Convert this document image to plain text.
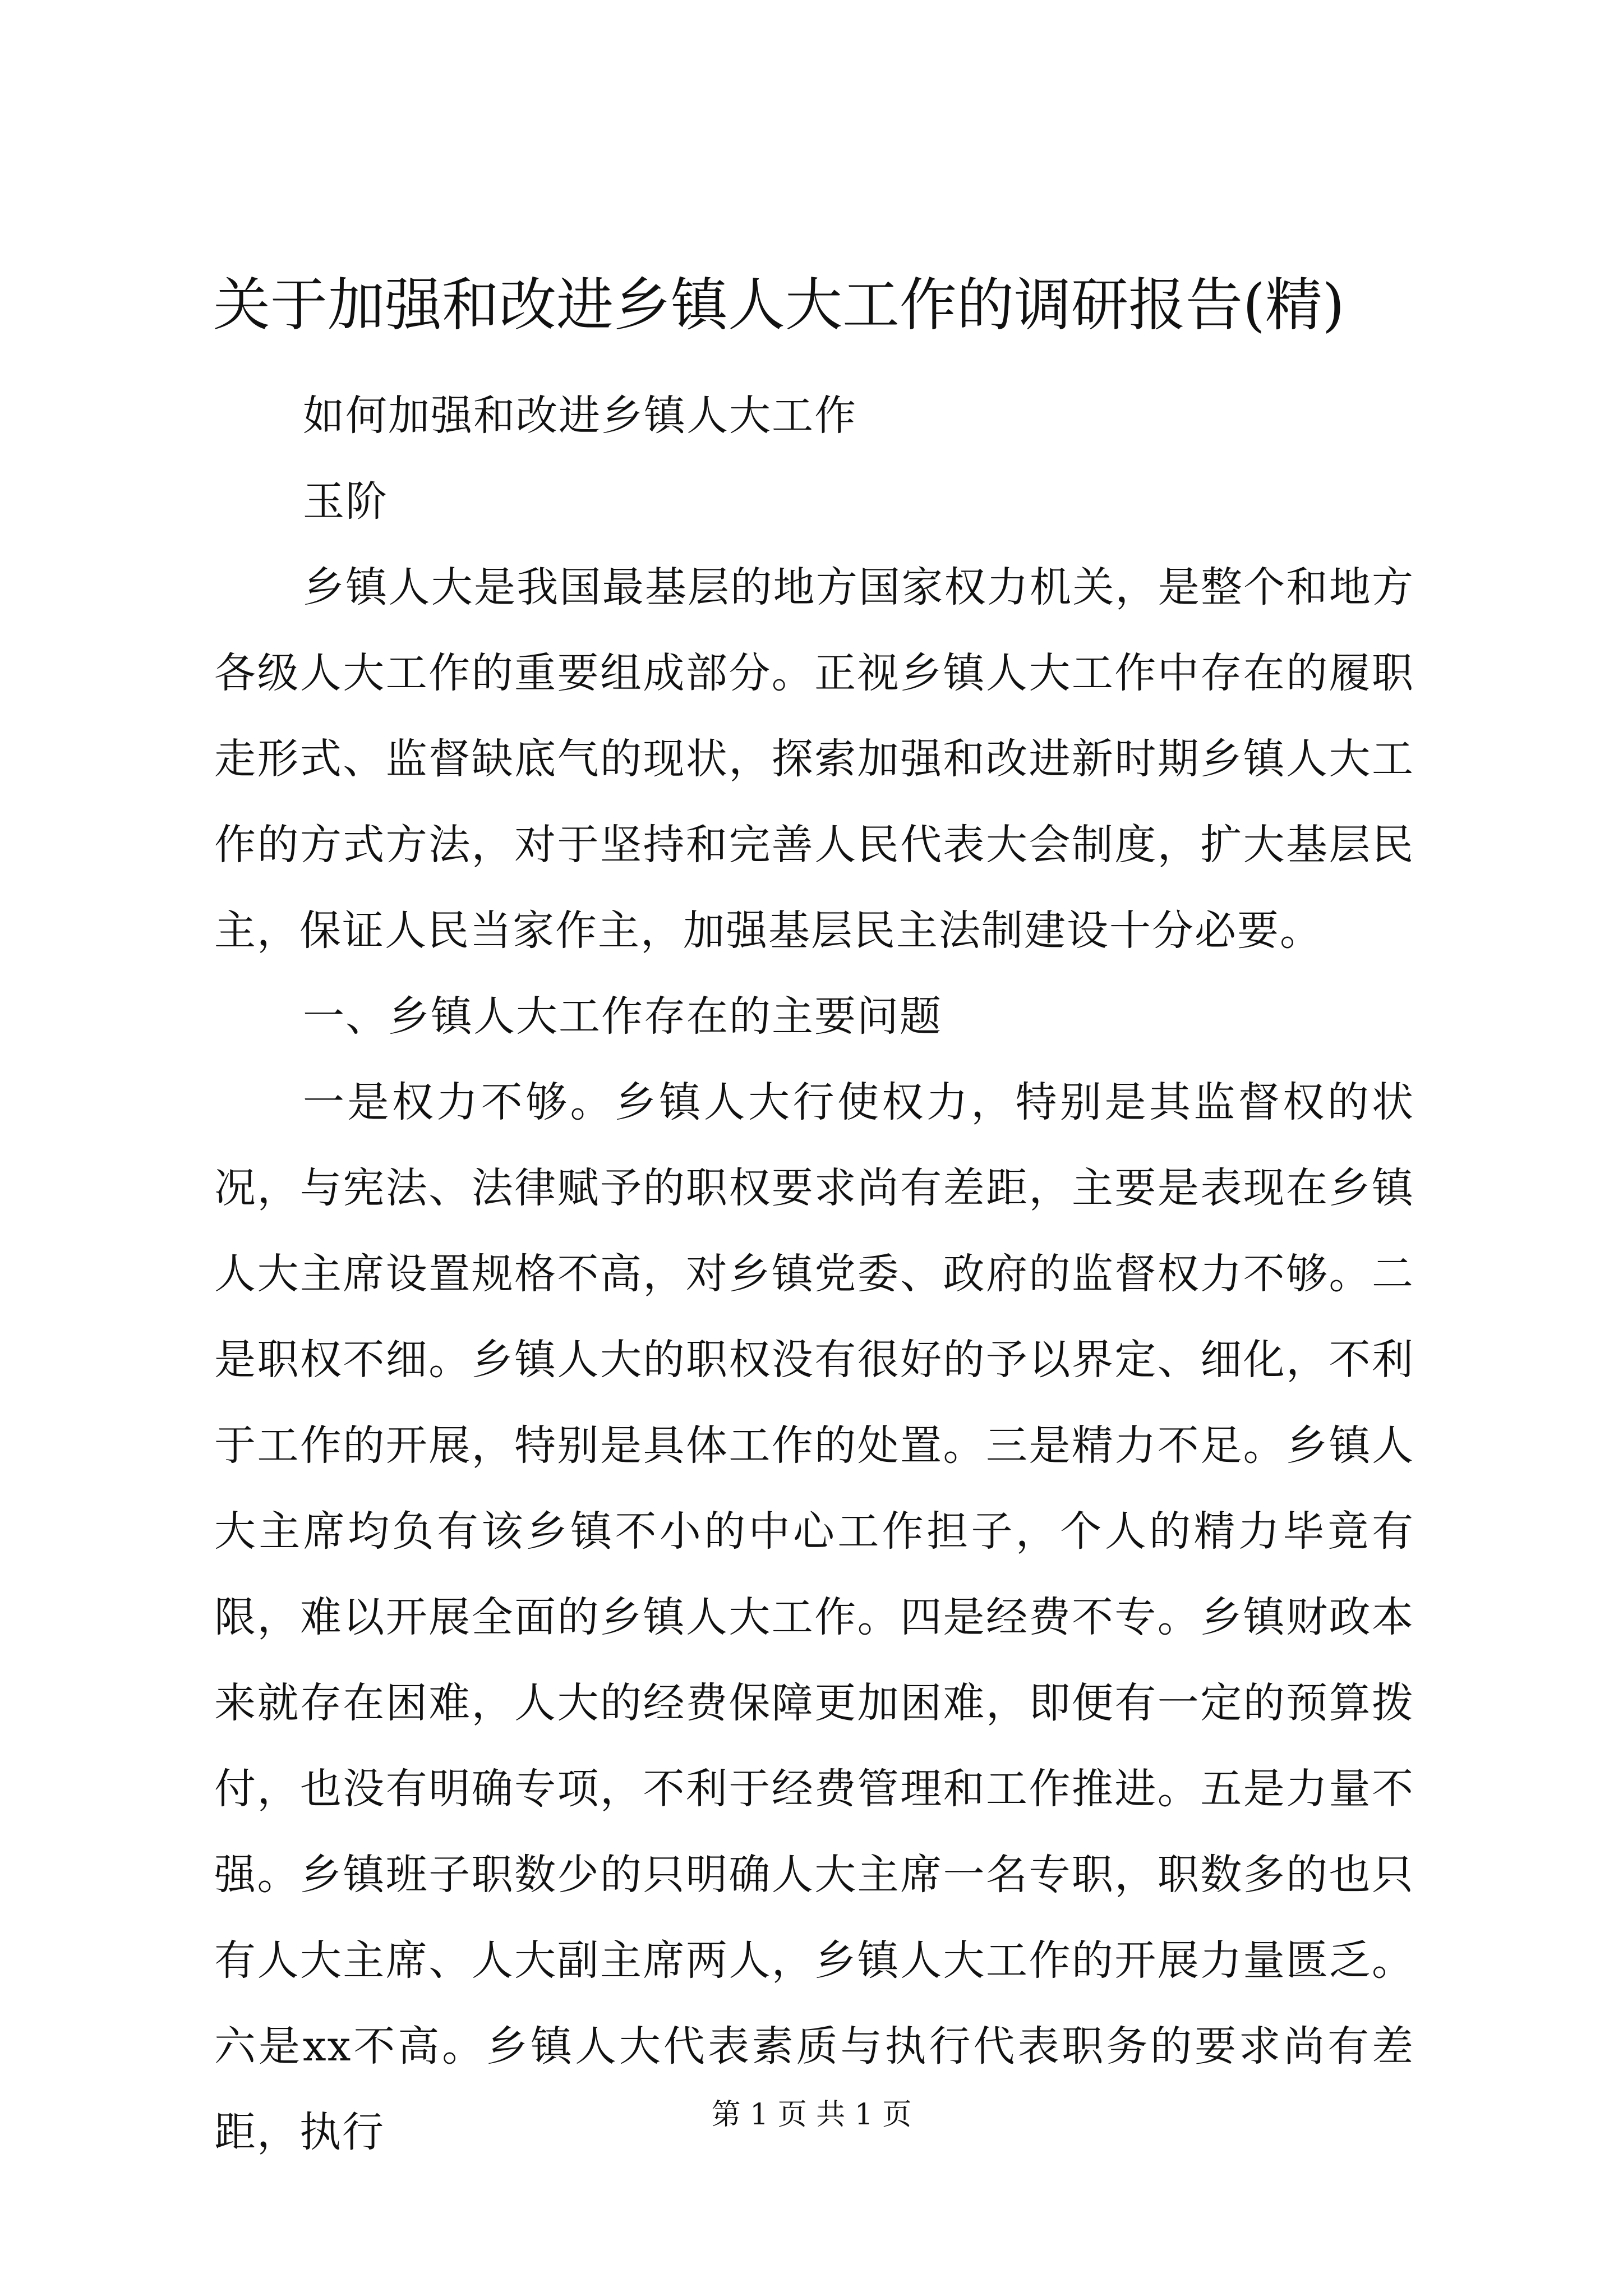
关于加强和改进乡镇人大工作的调研报告(精)

如何加强和改进乡镇人大工作

玉阶

乡镇人大是我国最基层的地方国家权力机关，是整个和地方各级人大工作的重要组成部分。正视乡镇人大工作中存在的履职走形式、监督缺底气的现状，探索加强和改进新时期乡镇人大工作的方式方法，对于坚持和完善人民代表大会制度，扩大基层民主，保证人民当家作主，加强基层民主法制建设十分必要。

一、乡镇人大工作存在的主要问题

一是权力不够。乡镇人大行使权力，特别是其监督权的状况，与宪法、法律赋予的职权要求尚有差距，主要是表现在乡镇人大主席设置规格不高，对乡镇党委、政府的监督权力不够。二是职权不细。乡镇人大的职权没有很好的予以界定、细化，不利于工作的开展，特别是具体工作的处置。三是精力不足。乡镇人大主席均负有该乡镇不小的中心工作担子，个人的精力毕竟有限，难以开展全面的乡镇人大工作。四是经费不专。乡镇财政本来就存在困难，人大的经费保障更加困难，即便有一定的预算拨付，也没有明确专项，不利于经费管理和工作推进。五是力量不强。乡镇班子职数少的只明确人大主席一名专职，职数多的也只有人大主席、人大副主席两人，乡镇人大工作的开展力量匮乏。六是xx不高。乡镇人大代表素质与执行代表职务的要求尚有差距，执行	第 1 页 共 1 页
